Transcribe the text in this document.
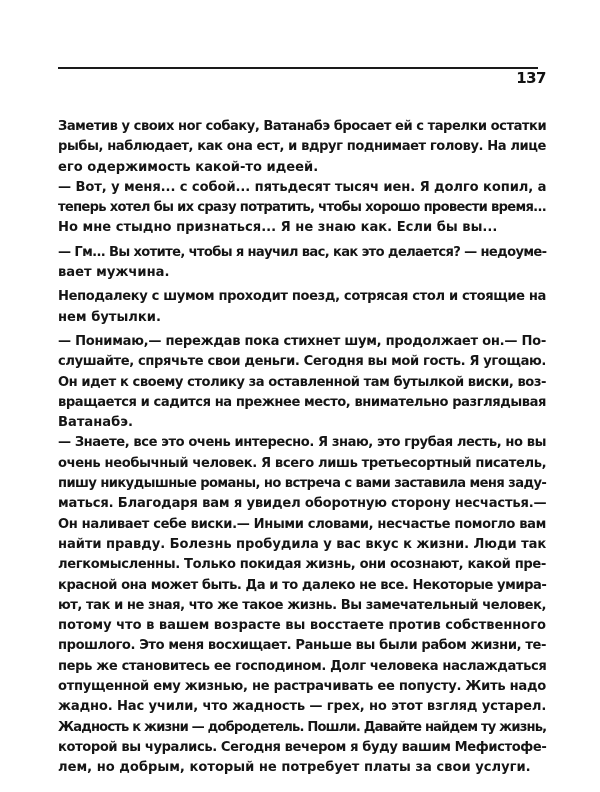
137
Заметив у своих ног собаку, Ватанабэ бросает ей с тарелки остатки
рыбы, наблюдает, как она ест, и вдруг поднимает голову. На лице
его одержимость какой-то идеей.
— Вот, у меня... с собой... пятьдесят тысяч иен. Я долго копил, а
теперь хотел бы их сразу потратить, чтобы хорошо провести время...
Но мне стыдно признаться... Я не знаю как. Если бы вы...
— Гм... Вы хотите, чтобы я научил вас, как это делается? — недоуме-
вает мужчина.
Неподалеку с шумом проходит поезд, сотрясая стол и стоящие на
нем бутылки.
— Понимаю,— переждав пока стихнет шум, продолжает он.— По-
слушайте, спрячьте свои деньги. Сегодня вы мой гость. Я угощаю.
Он идет к своему столику за оставленной там бутылкой виски, воз-
вращается и садится на прежнее место, внимательно разглядывая
Ватанабэ.
— Знаете, все это очень интересно. Я знаю, это грубая лесть, но вы
очень необычный человек. Я всего лишь третьесортный писатель,
пишу никудышные романы, но встреча с вами заставила меня заду-
маться. Благодаря вам я увидел оборотную сторону несчастья.—
Он наливает себе виски.— Иными словами, несчастье помогло вам
найти правду. Болезнь пробудила у вас вкус к жизни. Люди так
легкомысленны. Только покидая жизнь, они осознают, какой пре-
красной она может быть. Да и то далеко не все. Некоторые умира-
ют, так и не зная, что же такое жизнь. Вы замечательный человек,
потому что в вашем возрасте вы восстаете против собственного
прошлого. Это меня восхищает. Раньше вы были рабом жизни, те-
перь же становитесь ее господином. Долг человека наслаждаться
отпущенной ему жизнью, не растрачивать ее попусту. Жить надо
жадно. Нас учили, что жадность — грех, но этот взгляд устарел.
Жадность к жизни — добродетель. Пошли. Давайте найдем ту жизнь,
которой вы чурались. Сегодня вечером я буду вашим Мефистофе-
лем, но добрым, который не потребует платы за свои услуги.
